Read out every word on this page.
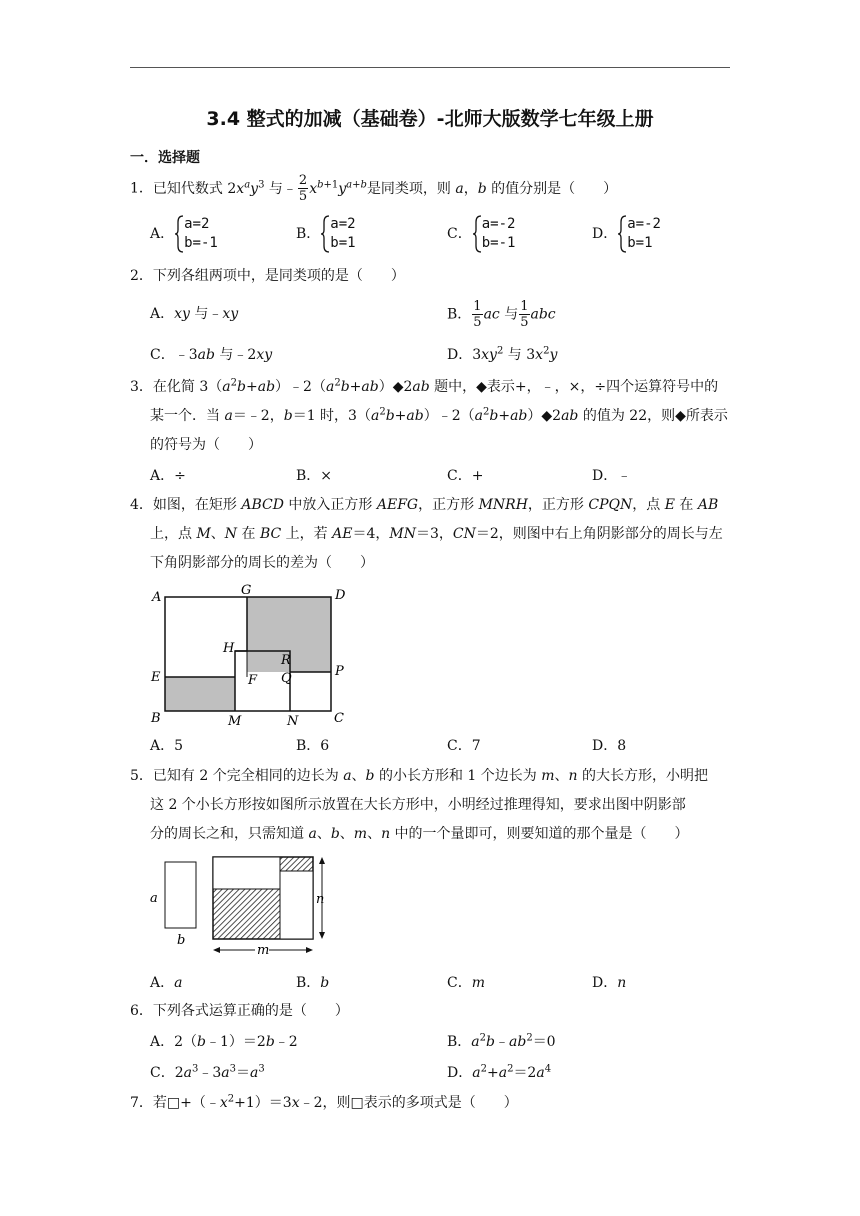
3.4 整式的加减（基础卷）-北师大版数学七年级上册
一．选择题
1．已知代数式 $2x^ay^3$ 与﹣ $\frac{2}{5} x^{b+1}y^{a+b}$是同类项，则 a，b 的值分别是（　　）
A．
a=2
b=-1
B．
a=2
b=1
C．
a=-2
b=-1
D．
a=-2
b=1
2．下列各组两项中，是同类项的是（　　）
A．xy 与﹣xy	B． $\frac{1}{5}$ ac 与 $\frac{1}{5}$ abc
C．﹣3ab 与﹣2xy	D．$3xy^2$ 与 $3x^2y$
3．在化简 $3(a^2b+ab)﹣2(a^2b+ab)◆2ab$ 题中，◆表示+，﹣，×，÷四个运算符号中的
某一个．当 a＝﹣2，b＝1 时，$3(a^2b+ab)﹣2(a^2b+ab)◆2ab$ 的值为 22，则◆所表示
的符号为（　　）
A．÷	B．×	C．+	D．﹣
4．如图，在矩形 ABCD 中放入正方形 AEFG，正方形 MNRH，正方形 CPQN，点 E 在 AB
上，点 M、N 在 BC 上，若 AE＝4，MN＝3，CN＝2，则图中右上角阴影部分的周长与左
下角阴影部分的周长的差为（　　）
A	G	D
H
R
P
E	F Q
B	M	N	C
A．5	B．6	C．7	D．8
5．已知有 2 个完全相同的边长为 a、b 的小长方形和 1 个边长为 m、n 的大长方形，小明把
这 2 个小长方形按如图所示放置在大长方形中，小明经过推理得知，要求出图中阴影部
分的周长之和，只需知道 a、b、m、n 中的一个量即可，则要知道的那个量是（　　）
a
b
n
m
A．a	B．b	C．m	D．n
6．下列各式运算正确的是（　　）
A．2（b﹣1）＝2b﹣2	B．$a^2b﹣ab^2=0$
C．$2a^3﹣3a^3=a^3$	D．$a^2+a^2=2a^4$
7．若$□+(﹣x^2+1)=3x﹣2$，则□表示的多项式是（　　）
